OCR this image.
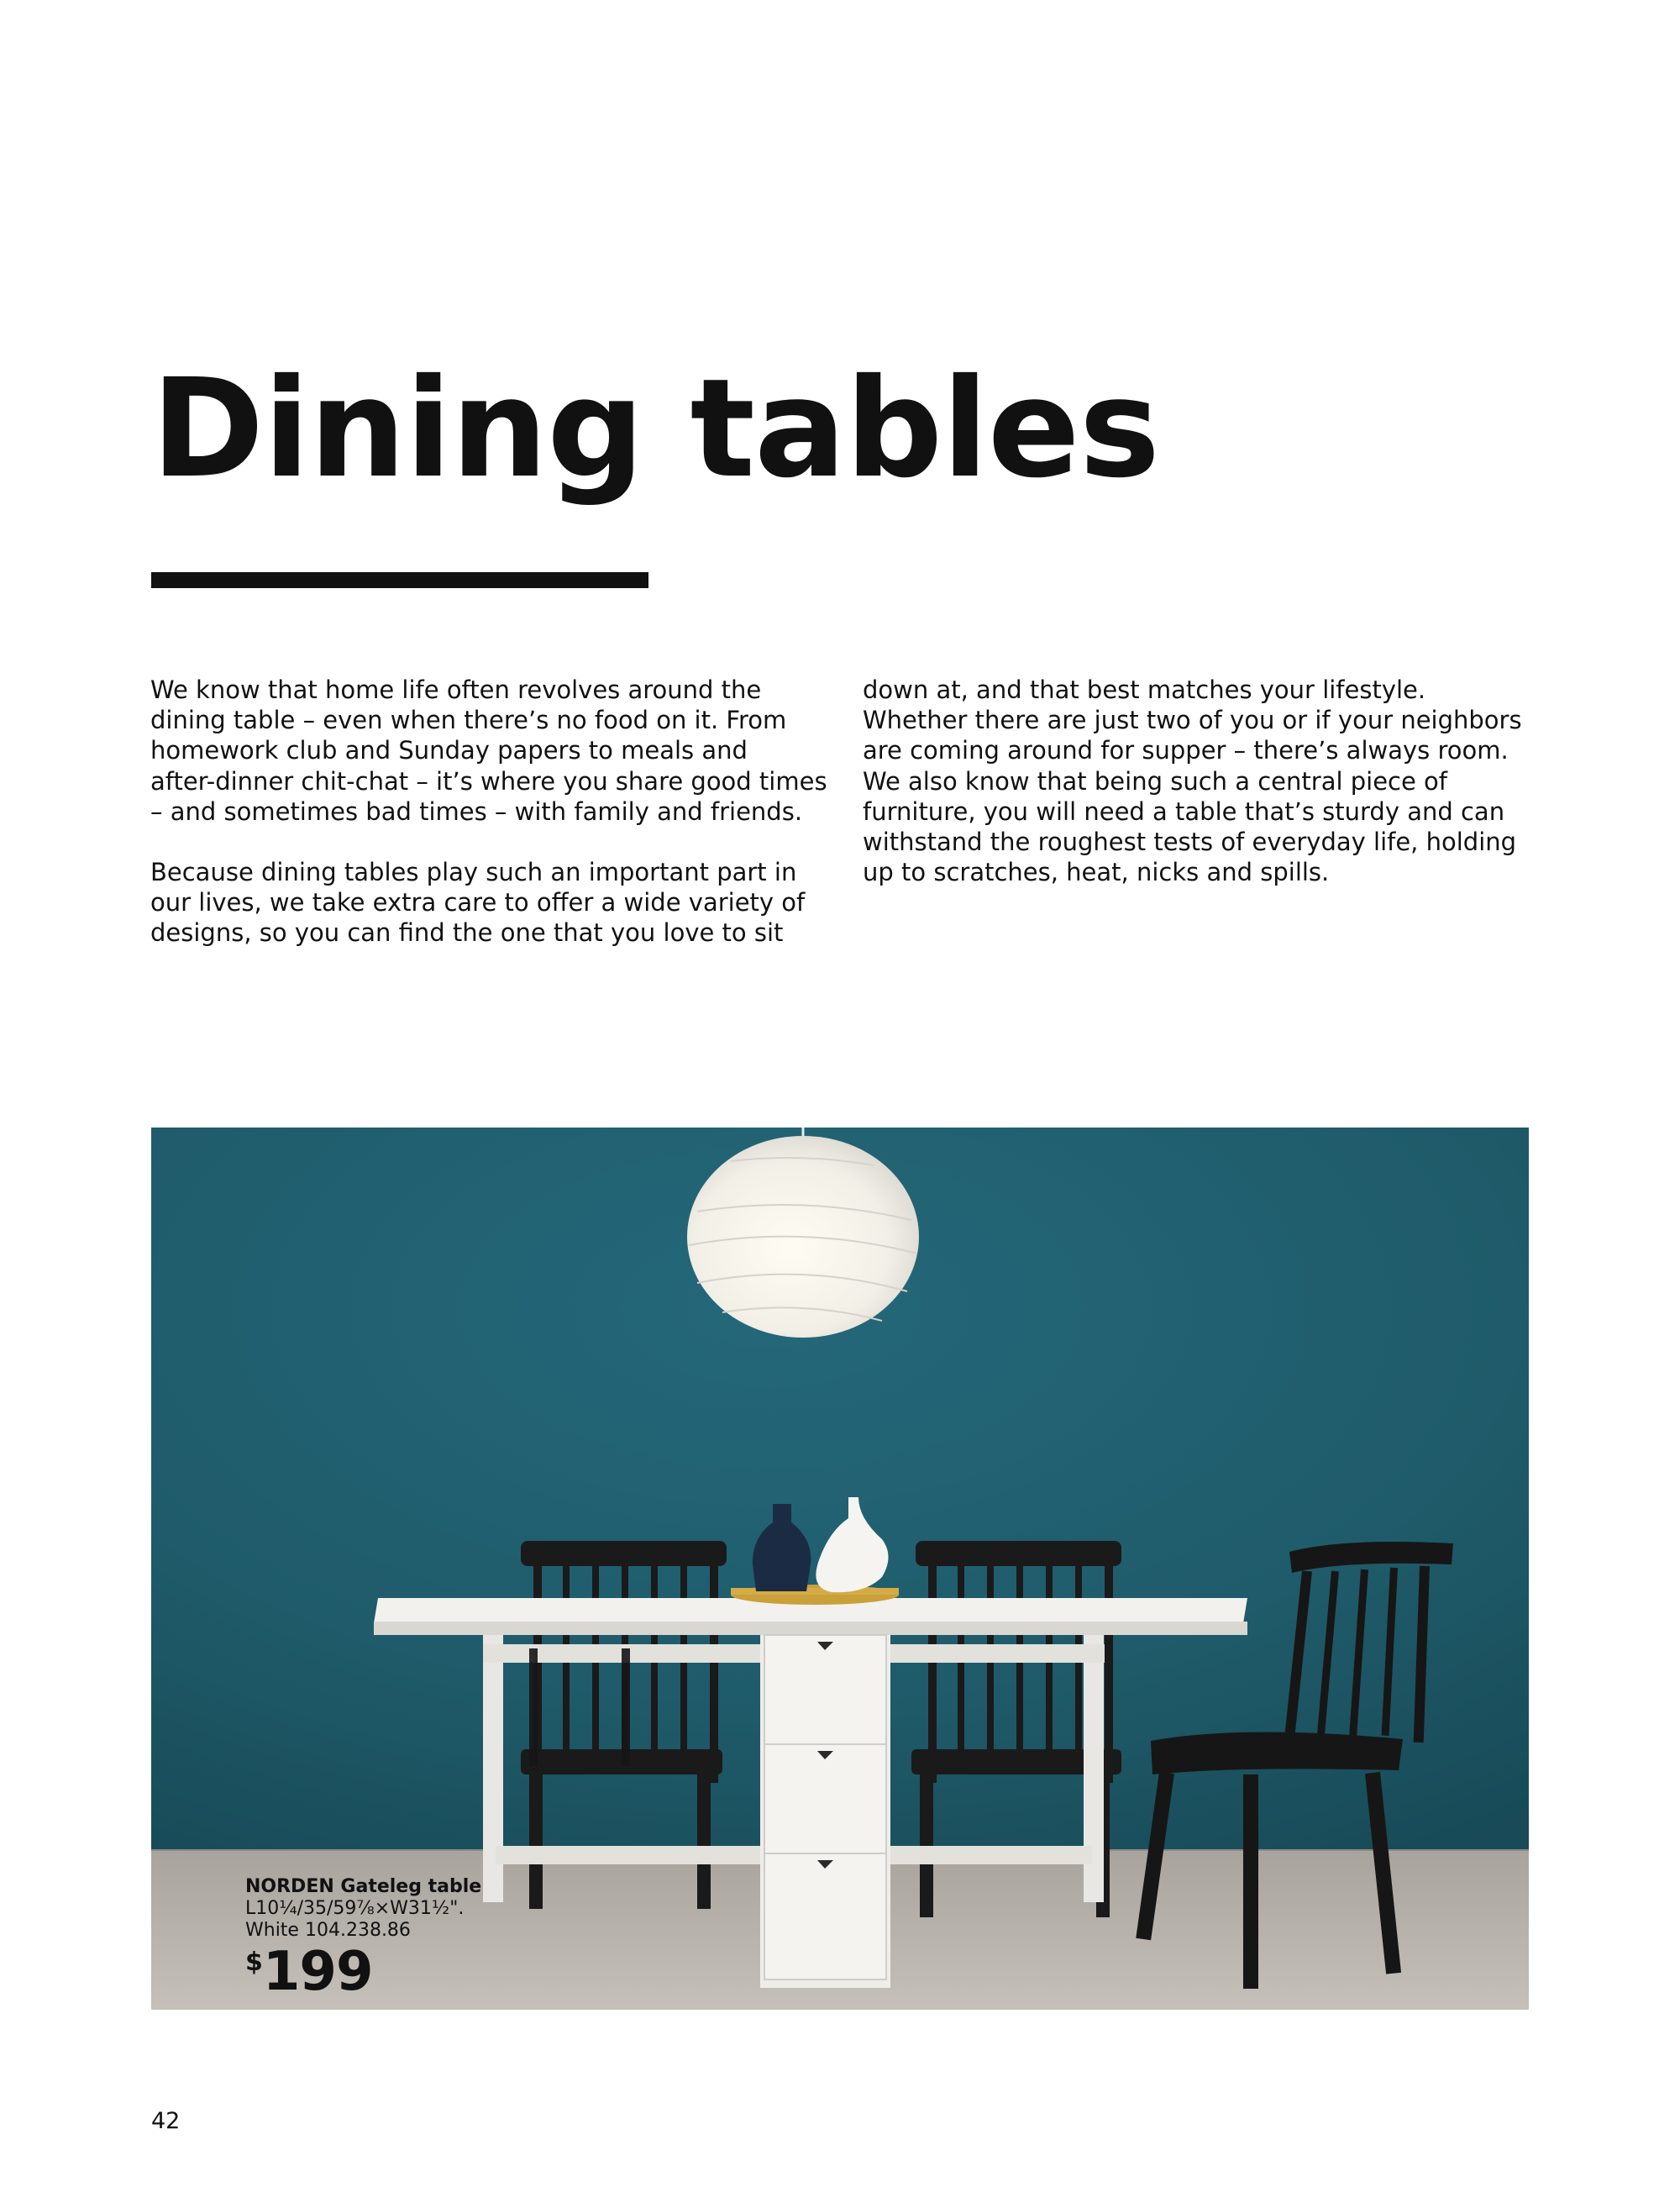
Dining tables

We know that home life often revolves around the
dining table – even when there’s no food on it. From
homework club and Sunday papers to meals and
after-dinner chit-chat – it’s where you share good times
– and sometimes bad times – with family and friends.

Because dining tables play such an important part in
our lives, we take extra care to offer a wide variety of
designs, so you can find the one that you love to sit

down at, and that best matches your lifestyle.
Whether there are just two of you or if your neighbors
are coming around for supper – there’s always room.
We also know that being such a central piece of
furniture, you will need a table that’s sturdy and can
withstand the roughest tests of everyday life, holding
up to scratches, heat, nicks and spills.

NORDEN Gateleg table
L10¼/35/59⅞×W31½".
White 104.238.86
$199
42
